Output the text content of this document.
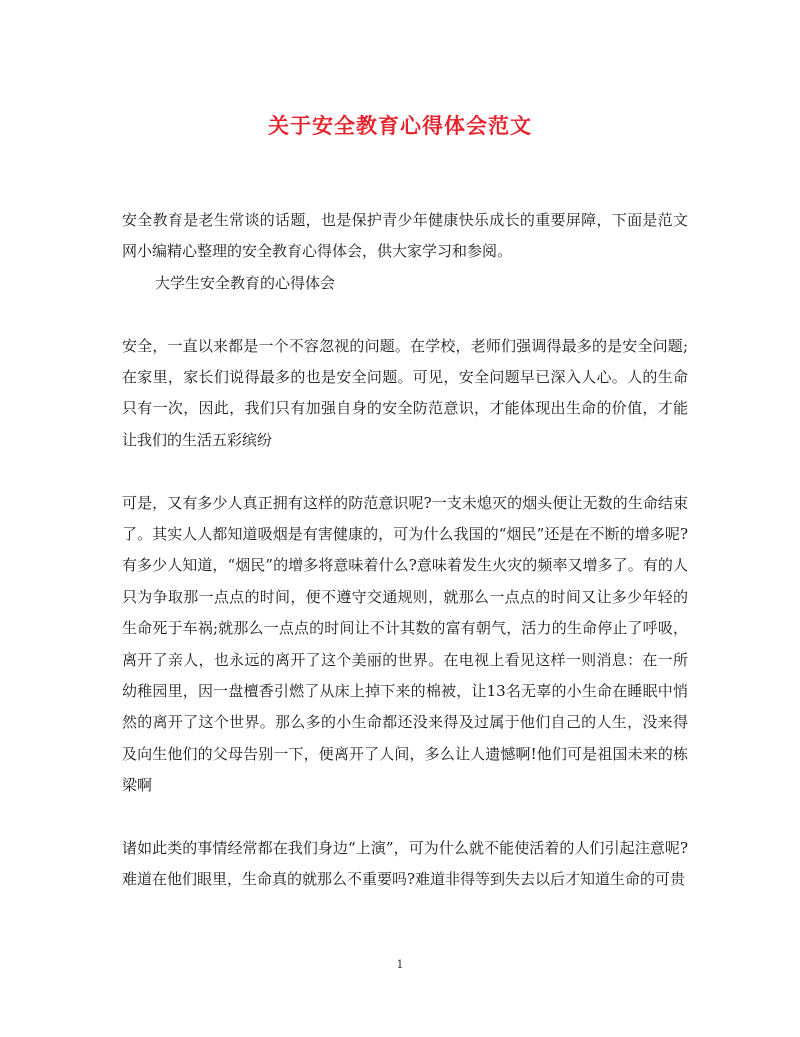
关于安全教育心得体会范文

安全教育是老生常谈的话题，也是保护青少年健康快乐成长的重要屏障，下面是范文网小编精心整理的安全教育心得体会，供大家学习和参阅。

大学生安全教育的心得体会

安全，一直以来都是一个不容忽视的问题。在学校，老师们强调得最多的是安全问题;在家里，家长们说得最多的也是安全问题。可见，安全问题早已深入人心。人的生命只有一次，因此，我们只有加强自身的安全防范意识，才能体现出生命的价值，才能让我们的生活五彩缤纷

可是，又有多少人真正拥有这样的防范意识呢?一支未熄灭的烟头便让无数的生命结束了。其实人人都知道吸烟是有害健康的，可为什么我国的“烟民”还是在不断的增多呢?有多少人知道，“烟民”的增多将意味着什么?意味着发生火灾的频率又增多了。有的人只为争取那一点点的时间，便不遵守交通规则，就那么一点点的时间又让多少年轻的生命死于车祸;就那么一点点的时间让不计其数的富有朝气，活力的生命停止了呼吸，离开了亲人，也永远的离开了这个美丽的世界。在电视上看见这样一则消息：在一所幼稚园里，因一盘檀香引燃了从床上掉下来的棉被，让13名无辜的小生命在睡眠中悄然的离开了这个世界。那么多的小生命都还没来得及过属于他们自己的人生，没来得及向生他们的父母告别一下，便离开了人间，多么让人遗憾啊!他们可是祖国未来的栋梁啊

诸如此类的事情经常都在我们身边“上演”，可为什么就不能使活着的人们引起注意呢?难道在他们眼里，生命真的就那么不重要吗?难道非得等到失去以后才知道生命的可贵

1
